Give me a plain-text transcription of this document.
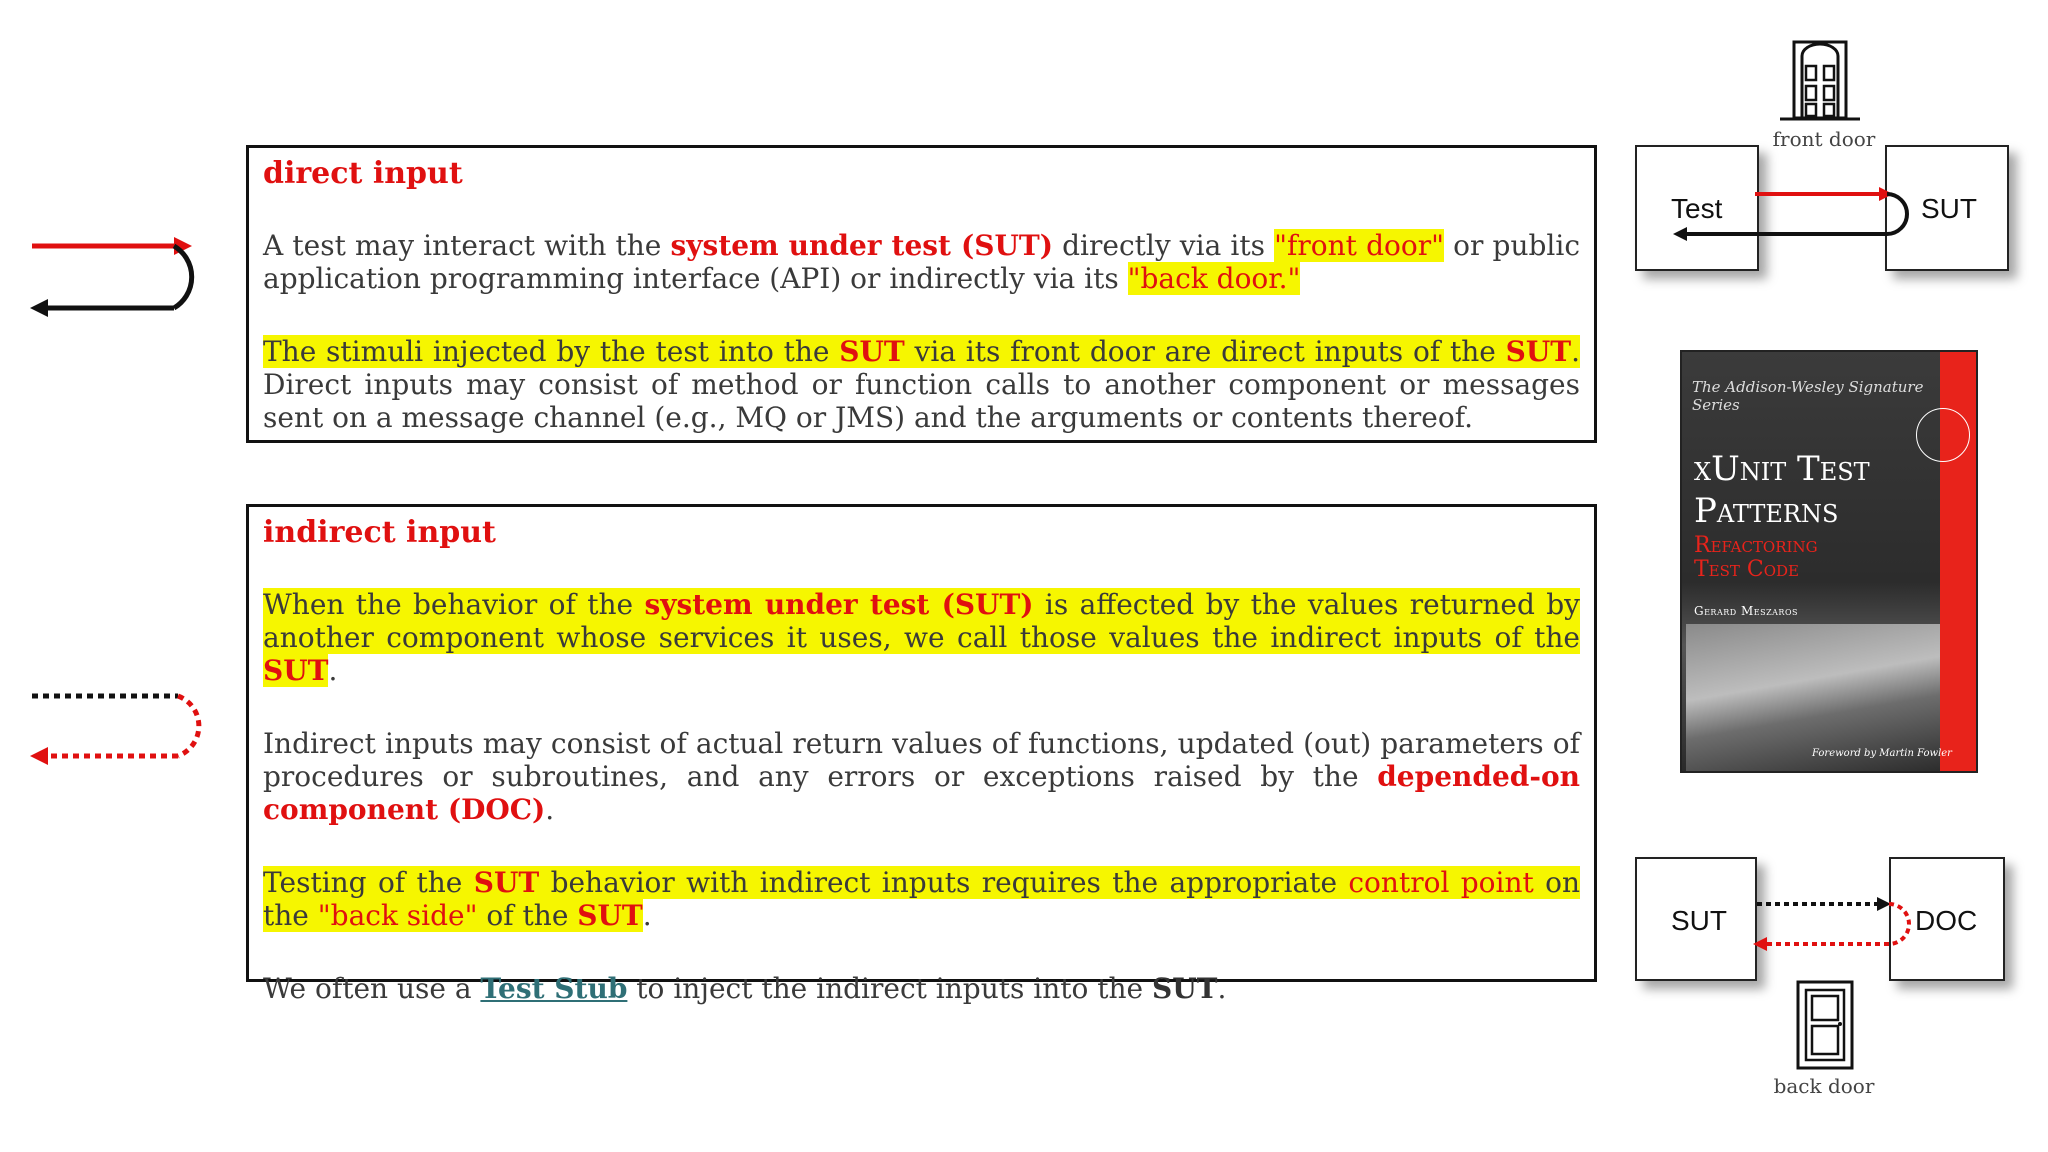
direct input

A test may interact with the system under test (SUT) directly via its "front door" or public application programming interface (API) or indirectly via its "back door."

The stimuli injected by the test into the SUT via its front door are direct inputs of the SUT. Direct inputs may consist of method or function calls to another component or messages sent on a message channel (e.g., MQ or JMS) and the arguments or contents thereof.

indirect input

When the behavior of the system under test (SUT) is affected by the values returned by another component whose services it uses, we call those values the indirect inputs of the SUT.

Indirect inputs may consist of actual return values of functions, updated (out) parameters of procedures or subroutines, and any errors or exceptions raised by the depended-on component (DOC).

Testing of the SUT behavior with indirect inputs requires the appropriate control point on the "back side" of the SUT.

We often use a Test Stub to inject the indirect inputs into the SUT.

front door
Test	SUT
The Addison-Wesley Signature Series
xUnit Test
Patterns
Refactoring
Test Code
Gerard Meszaros
Foreword by Martin Fowler
SUT	DOC
back door
